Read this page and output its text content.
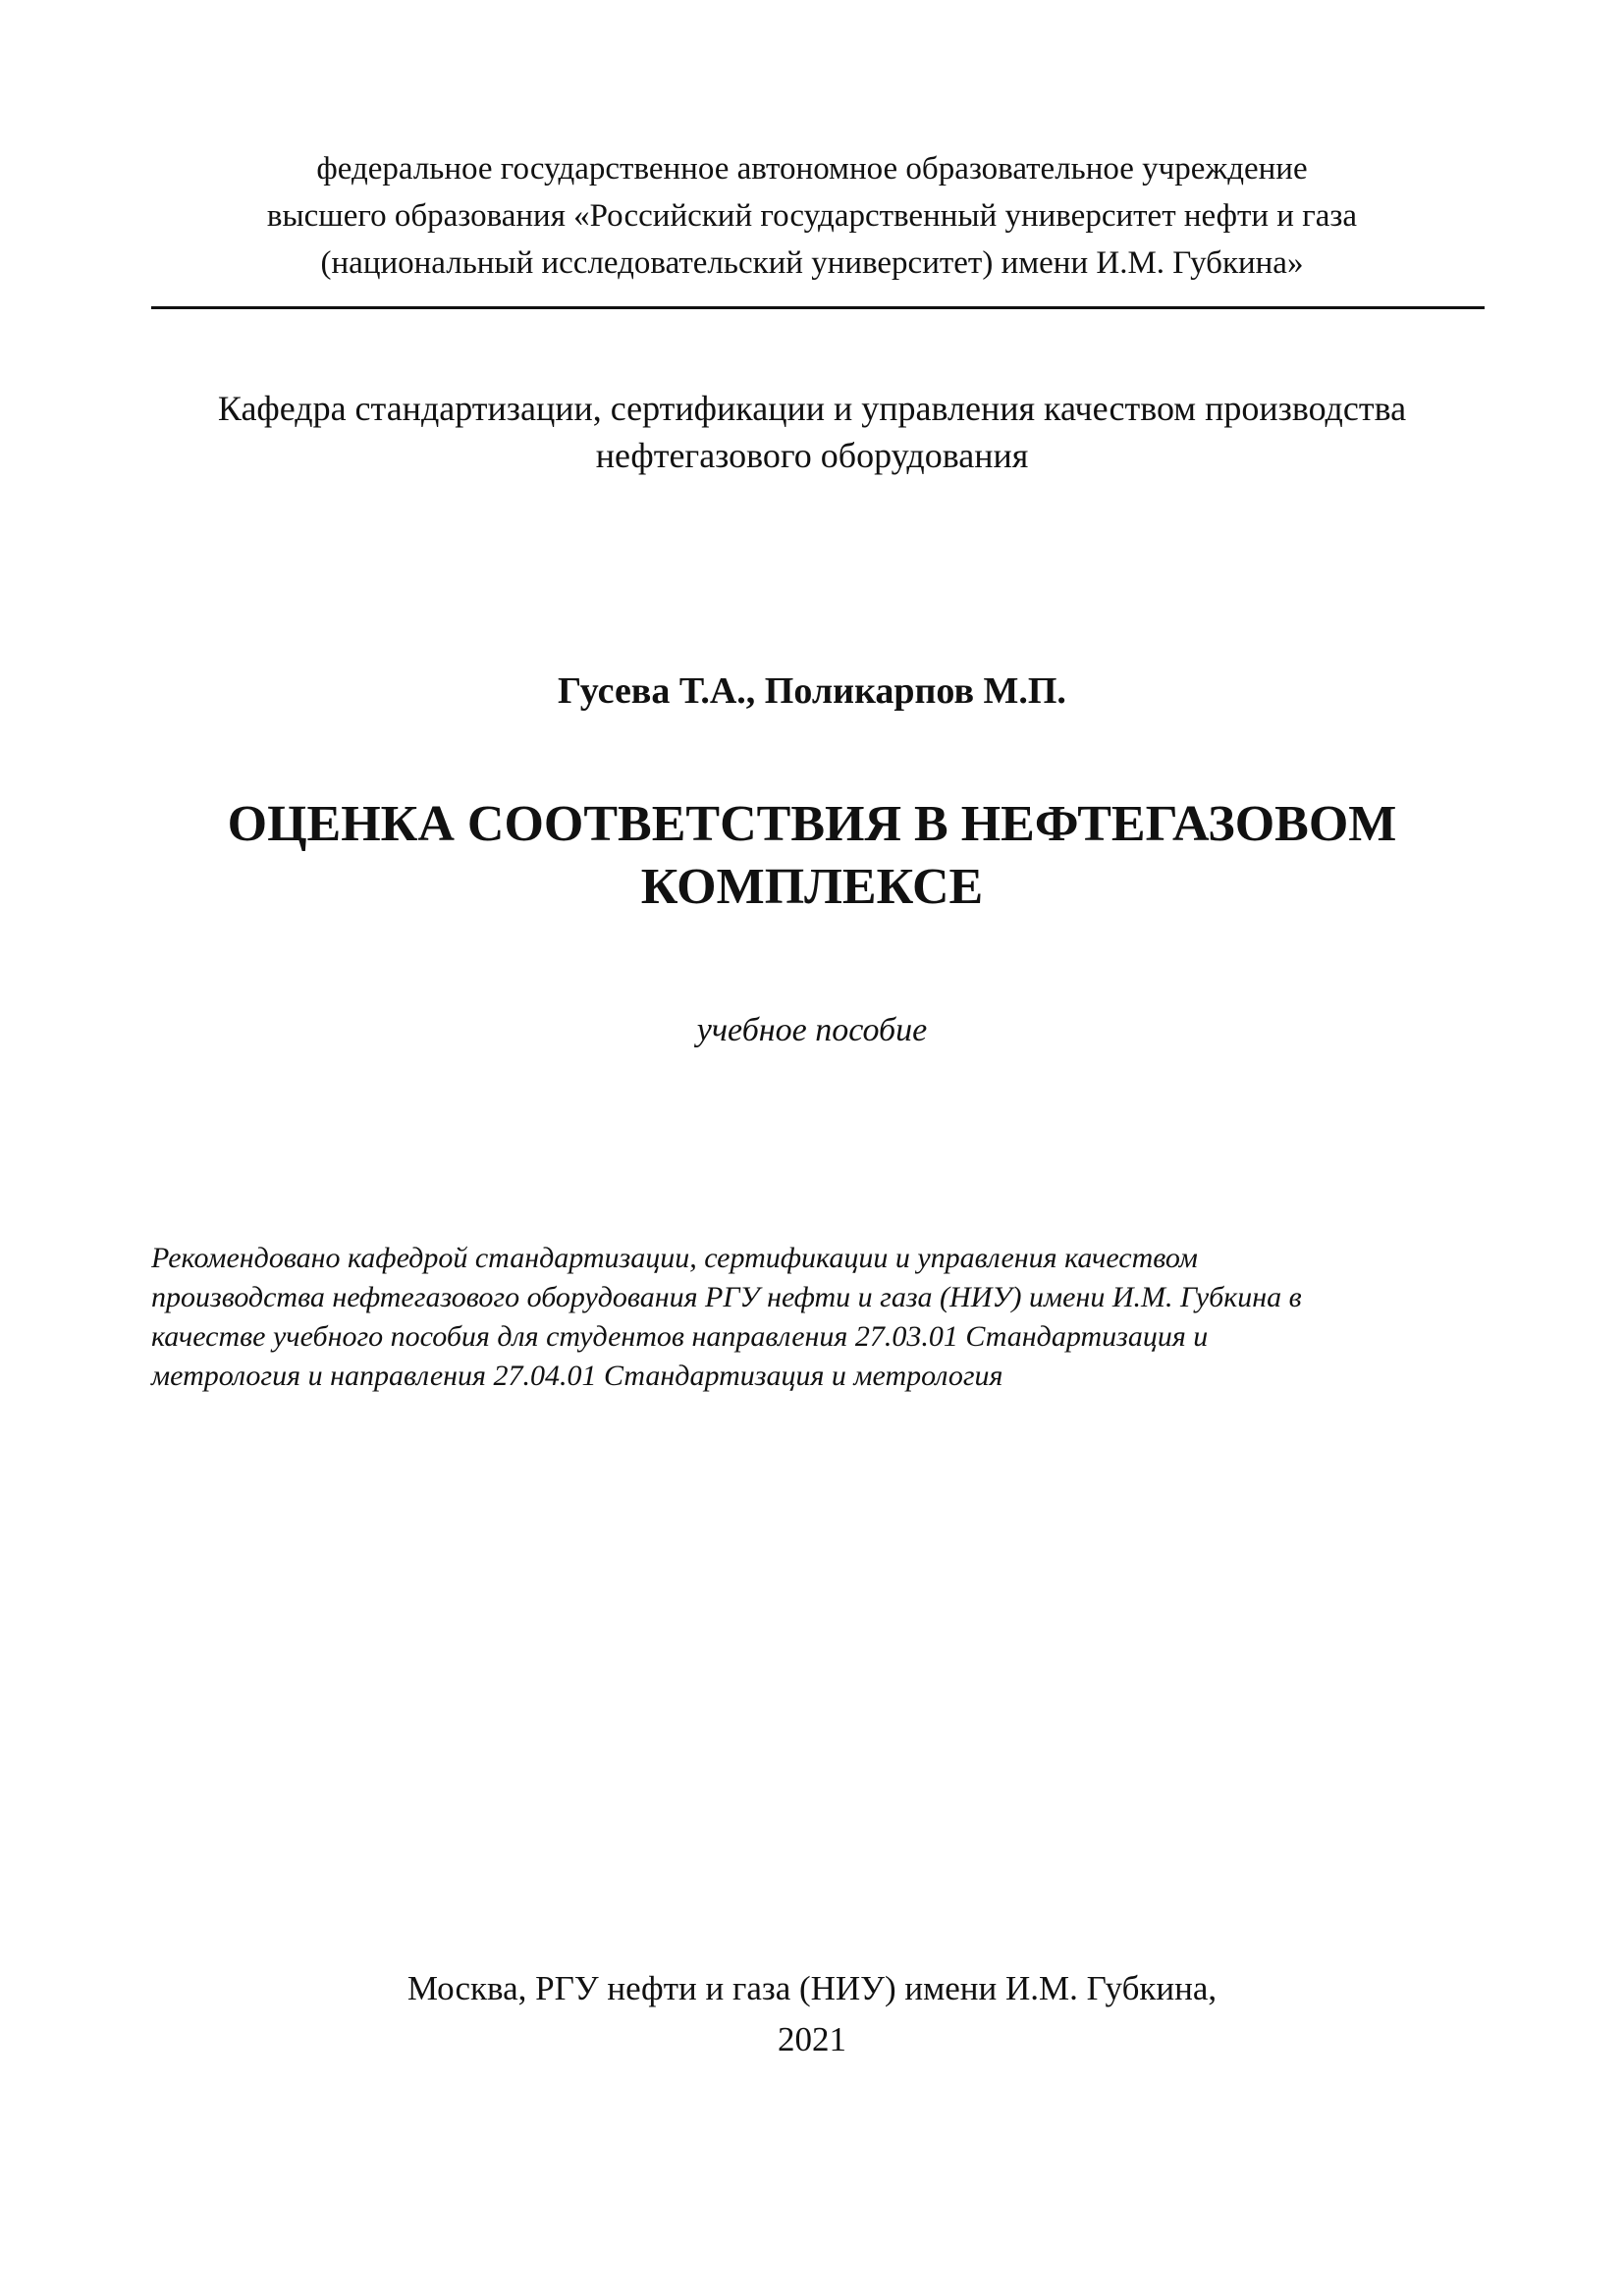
федеральное государственное автономное образовательное учреждение
высшего образования «Российский государственный университет нефти и газа
(национальный исследовательский университет) имени И.М. Губкина»
Кафедра стандартизации, сертификации и управления качеством производства
нефтегазового оборудования
Гусева Т.А., Поликарпов М.П.
ОЦЕНКА СООТВЕТСТВИЯ В НЕФТЕГАЗОВОМ
КОМПЛЕКСЕ
учебное пособие
Рекомендовано кафедрой стандартизации, сертификации и управления качеством
производства нефтегазового оборудования РГУ нефти и газа (НИУ) имени И.М. Губкина в
качестве учебного пособия для студентов направления 27.03.01 Стандартизация и
метрология и направления 27.04.01 Стандартизация и метрология
Москва, РГУ нефти и газа (НИУ) имени И.М. Губкина,
2021
